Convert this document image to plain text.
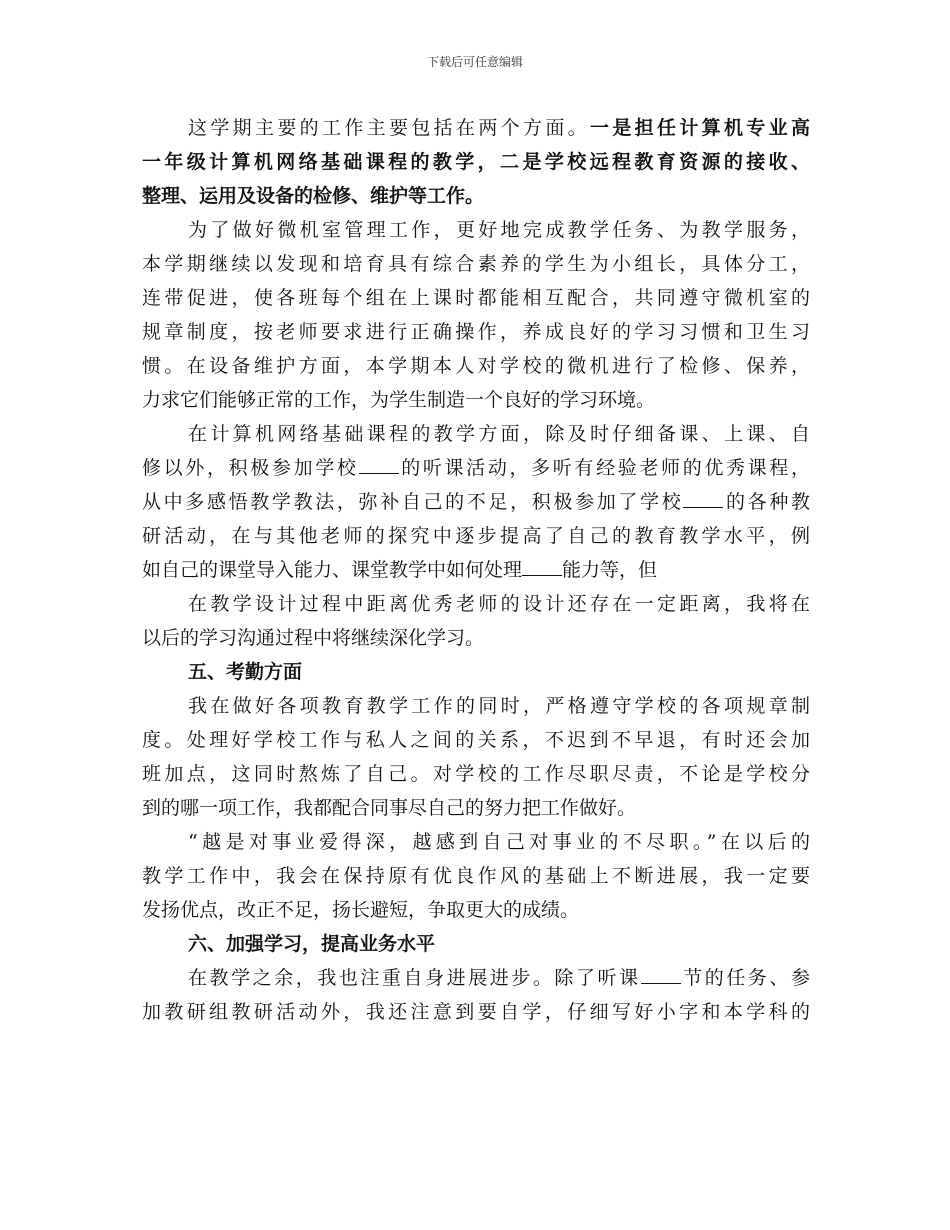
下载后可任意编辑
这学期主要的工作主要包括在两个方面。一是担任计算机专业高
一年级计算机网络基础课程的教学，二是学校远程教育资源的接收、
整理、运用及设备的检修、维护等工作。
为了做好微机室管理工作，更好地完成教学任务、为教学服务，
本学期继续以发现和培育具有综合素养的学生为小组长，具体分工，
连带促进，使各班每个组在上课时都能相互配合，共同遵守微机室的
规章制度，按老师要求进行正确操作，养成良好的学习习惯和卫生习
惯。在设备维护方面，本学期本人对学校的微机进行了检修、保养，
力求它们能够正常的工作，为学生制造一个良好的学习环境。
在计算机网络基础课程的教学方面，除及时仔细备课、上课、自
修以外，积极参加学校 的听课活动，多听有经验老师的优秀课程，
从中多感悟教学教法，弥补自己的不足，积极参加了学校 的各种教
研活动，在与其他老师的探究中逐步提高了自己的教育教学水平，例
如自己的课堂导入能力、课堂教学中如何处理 能力等，但
在教学设计过程中距离优秀老师的设计还存在一定距离，我将在
以后的学习沟通过程中将继续深化学习。
五、考勤方面
我在做好各项教育教学工作的同时，严格遵守学校的各项规章制
度。处理好学校工作与私人之间的关系，不迟到不早退，有时还会加
班加点，这同时熬炼了自己。对学校的工作尽职尽责，不论是学校分
到的哪一项工作，我都配合同事尽自己的努力把工作做好。
“越是对事业爱得深，越感到自己对事业的不尽职。”在以后的
教学工作中，我会在保持原有优良作风的基础上不断进展，我一定要
发扬优点，改正不足，扬长避短，争取更大的成绩。
六、加强学习，提高业务水平
在教学之余，我也注重自身进展进步。除了听课 节的任务、参
加教研组教研活动外，我还注意到要自学，仔细写好小字和本学科的
